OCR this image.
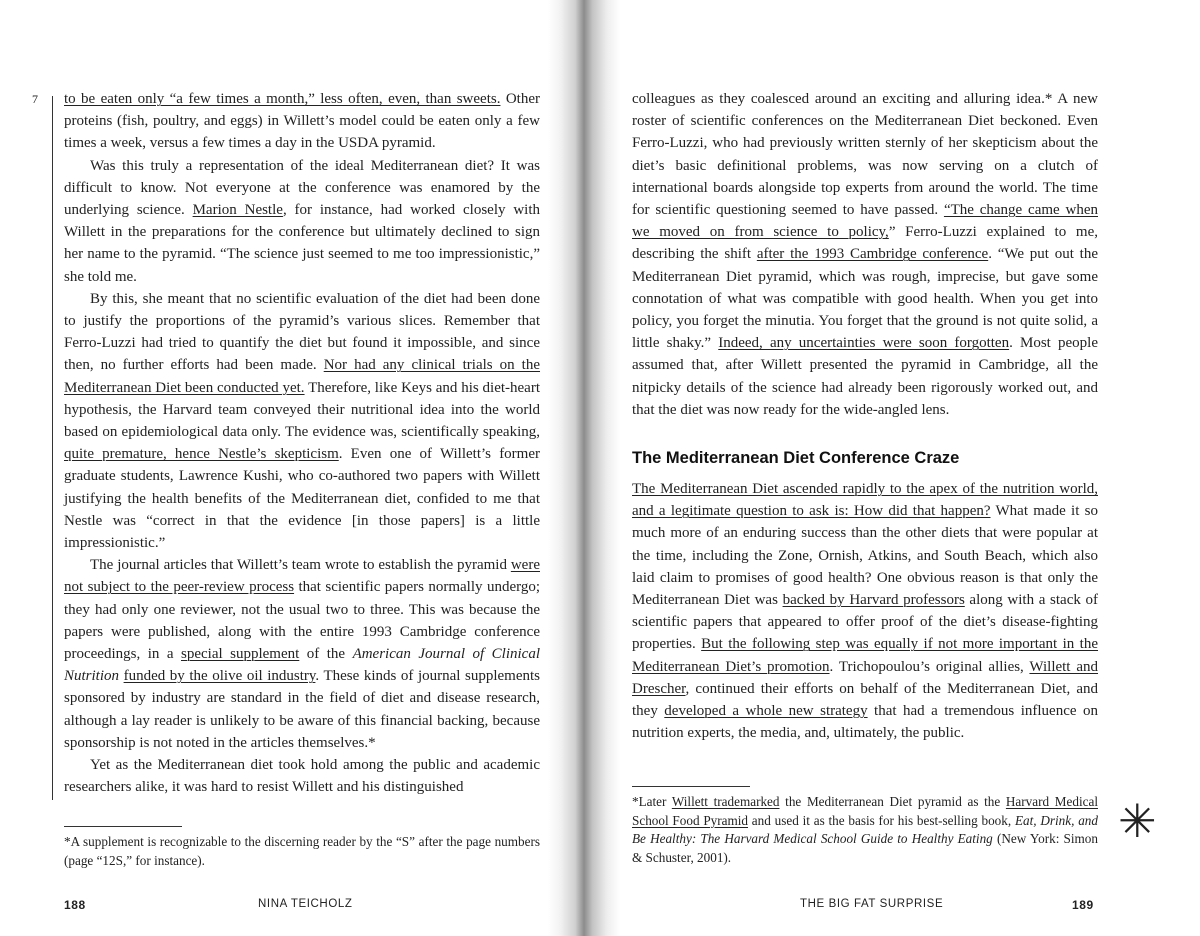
7 to be eaten only “a few times a month,” less often, even, than sweets. Other proteins (fish, poultry, and eggs) in Willett’s model could be eaten only a few times a week, versus a few times a day in the USDA pyramid.

Was this truly a representation of the ideal Mediterranean diet? It was difficult to know. Not everyone at the conference was enamored by the underlying science. Marion Nestle, for instance, had worked closely with Willett in the preparations for the conference but ultimately declined to sign her name to the pyramid. “The science just seemed to me too impressionistic,” she told me.

By this, she meant that no scientific evaluation of the diet had been done to justify the proportions of the pyramid’s various slices. Remember that Ferro-Luzzi had tried to quantify the diet but found it impossible, and since then, no further efforts had been made. Nor had any clinical trials on the Mediterranean Diet been conducted yet. Therefore, like Keys and his diet-heart hypothesis, the Harvard team conveyed their nutritional idea into the world based on epidemiological data only. The evidence was, scientifically speaking, quite premature, hence Nestle’s skepticism. Even one of Willett’s former graduate students, Lawrence Kushi, who co-authored two papers with Willett justifying the health benefits of the Mediterranean diet, confided to me that Nestle was “correct in that the evidence [in those papers] is a little impressionistic.”

The journal articles that Willett’s team wrote to establish the pyramid were not subject to the peer-review process that scientific papers normally undergo; they had only one reviewer, not the usual two to three. This was because the papers were published, along with the entire 1993 Cambridge conference proceedings, in a special supplement of the American Journal of Clinical Nutrition funded by the olive oil industry. These kinds of journal supplements sponsored by industry are standard in the field of diet and disease research, although a lay reader is unlikely to be aware of this financial backing, because sponsorship is not noted in the articles themselves.*

Yet as the Mediterranean diet took hold among the public and academic researchers alike, it was hard to resist Willett and his distinguished

*A supplement is recognizable to the discerning reader by the “S” after the page numbers (page “12S,” for instance).

188	NINA TEICHOLZ

colleagues as they coalesced around an exciting and alluring idea.* A new roster of scientific conferences on the Mediterranean Diet beckoned. Even Ferro-Luzzi, who had previously written sternly of her skepticism about the diet’s basic definitional problems, was now serving on a clutch of international boards alongside top experts from around the world. The time for scientific questioning seemed to have passed. “The change came when we moved on from science to policy,” Ferro-Luzzi explained to me, describing the shift after the 1993 Cambridge conference. “We put out the Mediterranean Diet pyramid, which was rough, imprecise, but gave some connotation of what was compatible with good health. When you get into policy, you forget the minutia. You forget that the ground is not quite solid, a little shaky.” Indeed, any uncertainties were soon forgotten. Most people assumed that, after Willett presented the pyramid in Cambridge, all the nitpicky details of the science had already been rigorously worked out, and that the diet was now ready for the wide-angled lens.

The Mediterranean Diet Conference Craze

The Mediterranean Diet ascended rapidly to the apex of the nutrition world, and a legitimate question to ask is: How did that happen? What made it so much more of an enduring success than the other diets that were popular at the time, including the Zone, Ornish, Atkins, and South Beach, which also laid claim to promises of good health? One obvious reason is that only the Mediterranean Diet was backed by Harvard professors along with a stack of scientific papers that appeared to offer proof of the diet’s disease-fighting properties. But the following step was equally if not more important in the Mediterranean Diet’s promotion. Trichopoulou’s original allies, Willett and Drescher, continued their efforts on behalf of the Mediterranean Diet, and they developed a whole new strategy that had a tremendous influence on nutrition experts, the media, and, ultimately, the public.

*Later Willett trademarked the Mediterranean Diet pyramid as the Harvard Medical School Food Pyramid and used it as the basis for his best-selling book, Eat, Drink, and Be Healthy: The Harvard Medical School Guide to Healthy Eating (New York: Simon & Schuster, 2001).

✳
THE BIG FAT SURPRISE	189
